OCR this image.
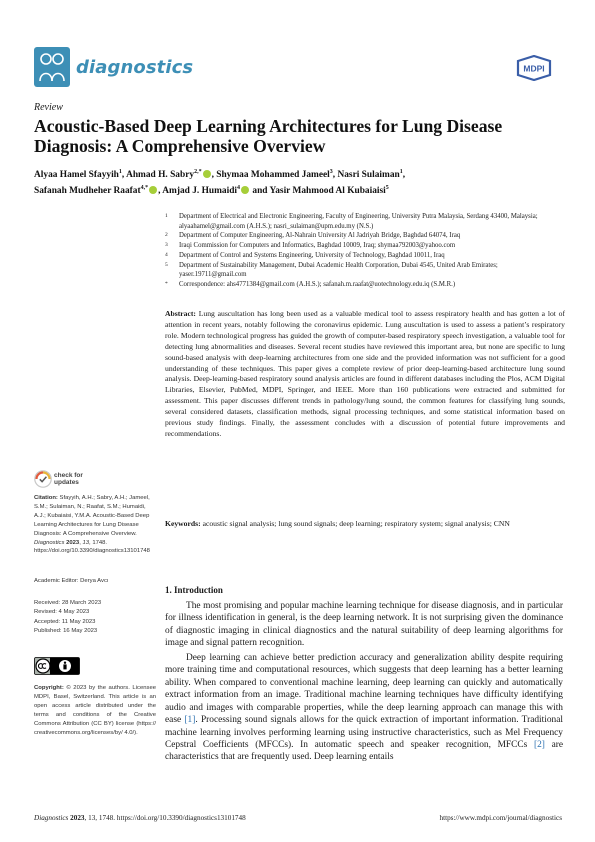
diagnostics	MDPI
Review
Acoustic-Based Deep Learning Architectures for Lung Disease Diagnosis: A Comprehensive Overview
Alyaa Hamel Sfayyih$^1$, Ahmad H. Sabry$^{2,*}$ , Shymaa Mohammed Jameel$^3$, Nasri Sulaiman$^1$,
Safanah Mudheher Raafat$^{4,*}$ , Amjad J. Humaidi$^4$ and Yasir Mahmood Al Kubaiaisi$^5$
1	Department of Electrical and Electronic Engineering, Faculty of Engineering, University Putra Malaysia, Serdang 43400, Malaysia; alyaahamel@gmail.com (A.H.S.); nasri_sulaiman@upm.edu.my (N.S.)
2	Department of Computer Engineering, Al-Nahrain University Al Jadriyah Bridge, Baghdad 64074, Iraq
3	Iraqi Commission for Computers and Informatics, Baghdad 10009, Iraq; shymaa792003@yahoo.com
4	Department of Control and Systems Engineering, University of Technology, Baghdad 10011, Iraq
5	Department of Sustainability Management, Dubai Academic Health Corporation, Dubai 4545, United Arab Emirates; yaser.19711@gmail.com
*	Correspondence: ahs4771384@gmail.com (A.H.S.); safanah.m.raafat@uotechnology.edu.iq (S.M.R.)
Abstract: Lung auscultation has long been used as a valuable medical tool to assess respiratory health and has gotten a lot of attention in recent years, notably following the coronavirus epidemic. Lung auscultation is used to assess a patient’s respiratory role. Modern technological progress has guided the growth of computer-based respiratory speech investigation, a valuable tool for detecting lung abnormalities and diseases. Several recent studies have reviewed this important area, but none are specific to lung sound-based analysis with deep-learning architectures from one side and the provided information was not sufficient for a good understanding of these techniques. This paper gives a complete review of prior deep-learning-based architecture lung sound analysis. Deep-learning-based respiratory sound analysis articles are found in different databases including the Plos, ACM Digital Libraries, Elsevier, PubMed, MDPI, Springer, and IEEE. More than 160 publications were extracted and submitted for assessment. This paper discusses different trends in pathology/lung sound, the common features for classifying lung sounds, several considered datasets, classification methods, signal processing techniques, and some statistical information based on previous study findings. Finally, the assessment concludes with a discussion of potential future improvements and recommendations.
Keywords: acoustic signal analysis; lung sound signals; deep learning; respiratory system; signal analysis; CNN
check for
updates
Citation: Sfayyih, A.H.; Sabry, A.H.; Jameel, S.M.; Sulaiman, N.; Raafat, S.M.; Humaidi, A.J.; Kubaiaisi, Y.M.A. Acoustic-Based Deep Learning Architectures for Lung Disease Diagnosis: A Comprehensive Overview. Diagnostics 2023, 13, 1748. https://doi.org/10.3390/diagnostics13101748
Academic Editor: Derya Avcı
Received: 28 March 2023
Revised: 4 May 2023
Accepted: 11 May 2023
Published: 16 May 2023
Copyright: © 2023 by the authors. Licensee MDPI, Basel, Switzerland. This article is an open access article distributed under the terms and conditions of the Creative Commons Attribution (CC BY) license (https:// creativecommons.org/licenses/by/ 4.0/).
1. Introduction

The most promising and popular machine learning technique for disease diagnosis, and in particular for illness identification in general, is the deep learning network. It is not surprising given the dominance of diagnostic imaging in clinical diagnostics and the natural suitability of deep learning algorithms for image and signal pattern recognition.

Deep learning can achieve better prediction accuracy and generalization ability despite requiring more training time and computational resources, which suggests that deep learning has a better learning ability. When compared to conventional machine learning, deep learning can quickly and automatically extract information from an image. Traditional machine learning techniques have difficulty identifying audio and images with comparable properties, while the deep learning approach can manage this with ease [1]. Processing sound signals allows for the quick extraction of important information. Traditional machine learning involves performing learning using instructive characteristics, such as Mel Frequency Cepstral Coefficients (MFCCs). In automatic speech and speaker recognition, MFCCs [2] are characteristics that are frequently used. Deep learning entails

Diagnostics 2023, 13, 1748. https://doi.org/10.3390/diagnostics13101748	https://www.mdpi.com/journal/diagnostics
